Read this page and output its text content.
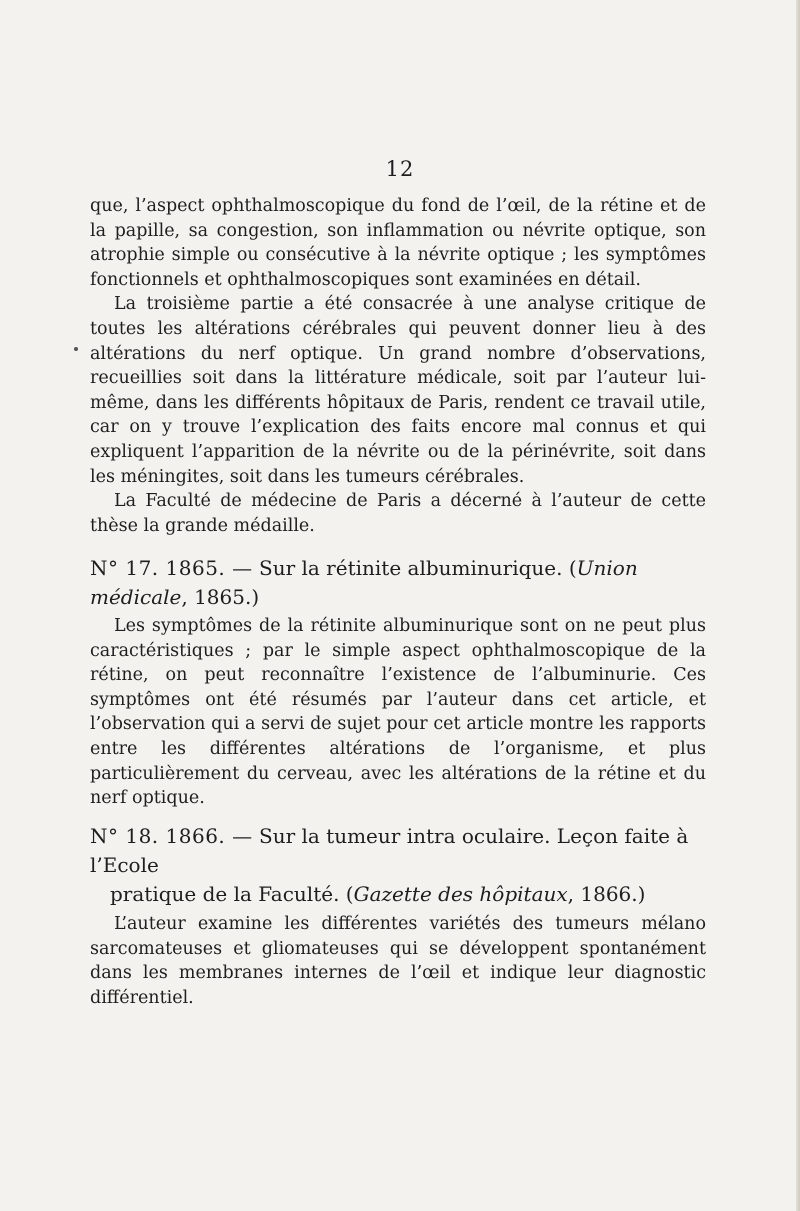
12

que, l’aspect ophthalmoscopique du fond de l’œil, de la rétine et de la papille, sa congestion, son inflammation ou névrite optique, son atrophie simple ou consécutive à la névrite optique ; les symptômes fonctionnels et ophthalmoscopiques sont examinées en détail.

La troisième partie a été consacrée à une analyse critique de toutes les altérations cérébrales qui peuvent donner lieu à des altérations du nerf optique. Un grand nombre d’observations, recueillies soit dans la littérature médicale, soit par l’auteur lui-même, dans les différents hôpitaux de Paris, rendent ce travail utile, car on y trouve l’explication des faits encore mal connus et qui expliquent l’apparition de la névrite ou de la périnévrite, soit dans les méningites, soit dans les tumeurs cérébrales.

La Faculté de médecine de Paris a décerné à l’auteur de cette thèse la grande médaille.

N° 17. 1865. — Sur la rétinite albuminurique. (Union médicale, 1865.)

Les symptômes de la rétinite albuminurique sont on ne peut plus caractéristiques ; par le simple aspect ophthalmoscopique de la rétine, on peut reconnaître l’existence de l’albuminurie. Ces symptômes ont été résumés par l’auteur dans cet article, et l’observation qui a servi de sujet pour cet article montre les rapports entre les différentes altérations de l’organisme, et plus particulièrement du cerveau, avec les altérations de la rétine et du nerf optique.

N° 18. 1866. — Sur la tumeur intra oculaire. Leçon faite à l’Ecole
pratique de la Faculté. (Gazette des hôpitaux, 1866.)

L’auteur examine les différentes variétés des tumeurs mélano sarcomateuses et gliomateuses qui se développent spontanément dans les membranes internes de l’œil et indique leur diagnostic différentiel.
